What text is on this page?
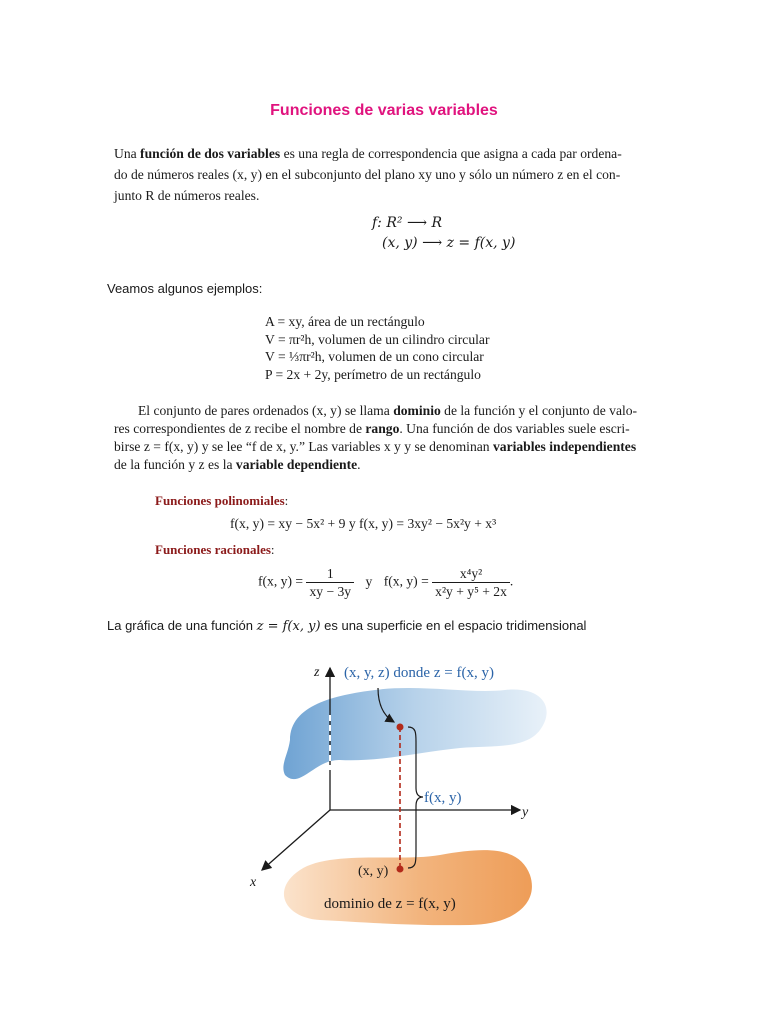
Funciones de varias variables
Una función de dos variables es una regla de correspondencia que asigna a cada par ordena-
do de números reales (x, y) en el subconjunto del plano xy uno y sólo un número z en el con-
junto R de números reales.
f: R² ⟶ R
(x, y) ⟶ z = f(x, y)
Veamos algunos ejemplos:
A = xy, área de un rectángulo
V = πr²h, volumen de un cilindro circular
V = ⅓πr²h, volumen de un cono circular
P = 2x + 2y, perímetro de un rectángulo
El conjunto de pares ordenados (x, y) se llama dominio de la función y el conjunto de valo-
res correspondientes de z recibe el nombre de rango. Una función de dos variables suele escri-
birse z = f(x, y) y se lee “f de x, y.” Las variables x y y se denominan variables independientes
de la función y z es la variable dependiente.
Funciones polinomiales:
f(x, y) = xy − 5x² + 9 y f(x, y) = 3xy² − 5x²y + x³
Funciones racionales:
f(x, $y) = \frac{1}{xy - 3y}$ y f(x, $y) = \frac{\text{x⁴y²}}{\text{x²y + y⁵ + 2x}}$ .
La gráfica de una función z = f(x, y) es una superficie en el espacio tridimensional
z
y
x
(x, y, z) donde z = f(x, y)
f(x, y)
(x, y)
dominio de z = f(x, y)
